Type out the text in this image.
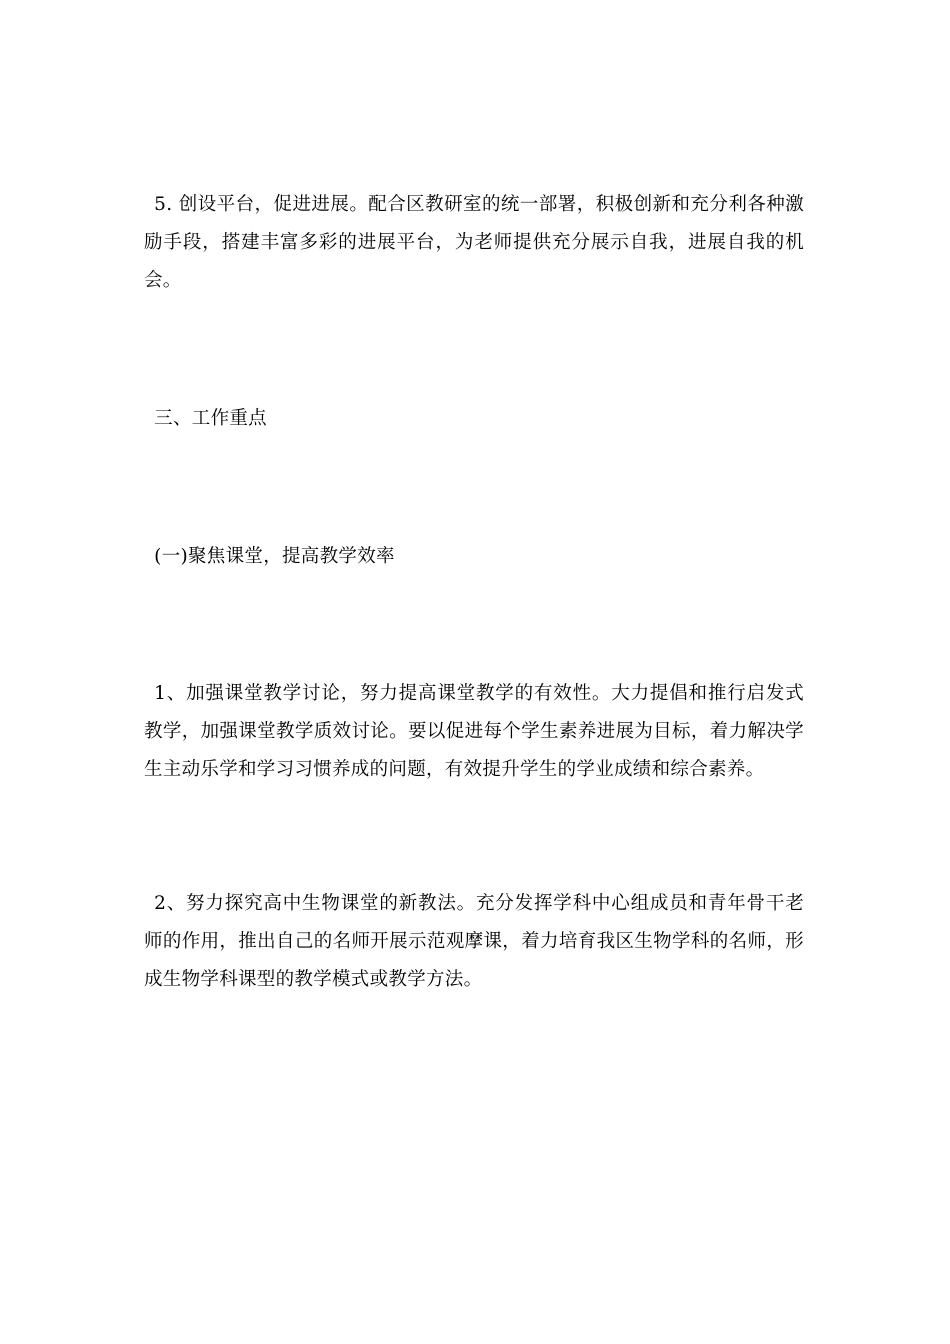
5. 创设平台，促进进展。配合区教研室的统一部署，积极创新和充分利各种激励手段，搭建丰富多彩的进展平台，为老师提供充分展示自我，进展自我的机会。

三、工作重点

(一)聚焦课堂，提高教学效率

1、加强课堂教学讨论，努力提高课堂教学的有效性。大力提倡和推行启发式教学，加强课堂教学质效讨论。要以促进每个学生素养进展为目标，着力解决学生主动乐学和学习习惯养成的问题，有效提升学生的学业成绩和综合素养。

2、努力探究高中生物课堂的新教法。充分发挥学科中心组成员和青年骨干老师的作用，推出自己的名师开展示范观摩课，着力培育我区生物学科的名师，形成生物学科课型的教学模式或教学方法。
